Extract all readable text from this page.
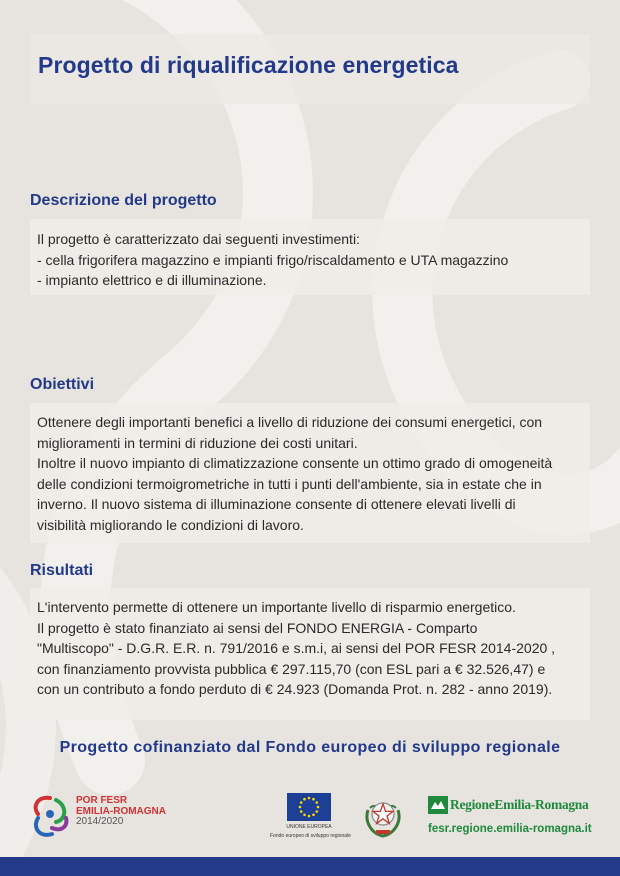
Progetto di riqualificazione energetica
Descrizione del progetto

Il progetto è caratterizzato dai seguenti investimenti:

- cella frigorifera magazzino e impianti frigo/riscaldamento e UTA magazzino

- impianto elettrico e di illuminazione.

Obiettivi

Ottenere degli importanti benefici a livello di riduzione dei consumi energetici, con

miglioramenti in termini di riduzione dei costi unitari.

Inoltre il nuovo impianto di climatizzazione consente un ottimo grado di omogeneità

delle condizioni termoigrometriche in tutti i punti dell'ambiente, sia in estate che in

inverno. Il nuovo sistema di illuminazione consente di ottenere elevati livelli di

visibilità migliorando le condizioni di lavoro.

Risultati

L'intervento permette di ottenere un importante livello di risparmio energetico.

Il progetto è stato finanziato ai sensi del FONDO ENERGIA - Comparto

"Multiscopo" - D.G.R. E.R. n. 791/2016 e s.m.i, ai sensi del POR FESR 2014-2020 ,

con finanziamento provvista pubblica € 297.115,70 (con ESL pari a € 32.526,47) e

con un contributo a fondo perduto di € 24.923 (Domanda Prot. n. 282 - anno 2019).

Progetto cofinanziato dal Fondo europeo di sviluppo regionale
POR FESR
EMILIA-ROMAGNA
2014/2020	UNIONE EUROPEA
Fondo europeo di sviluppo regionale
RegioneEmilia-Romagna
fesr.regione.emilia-romagna.it
